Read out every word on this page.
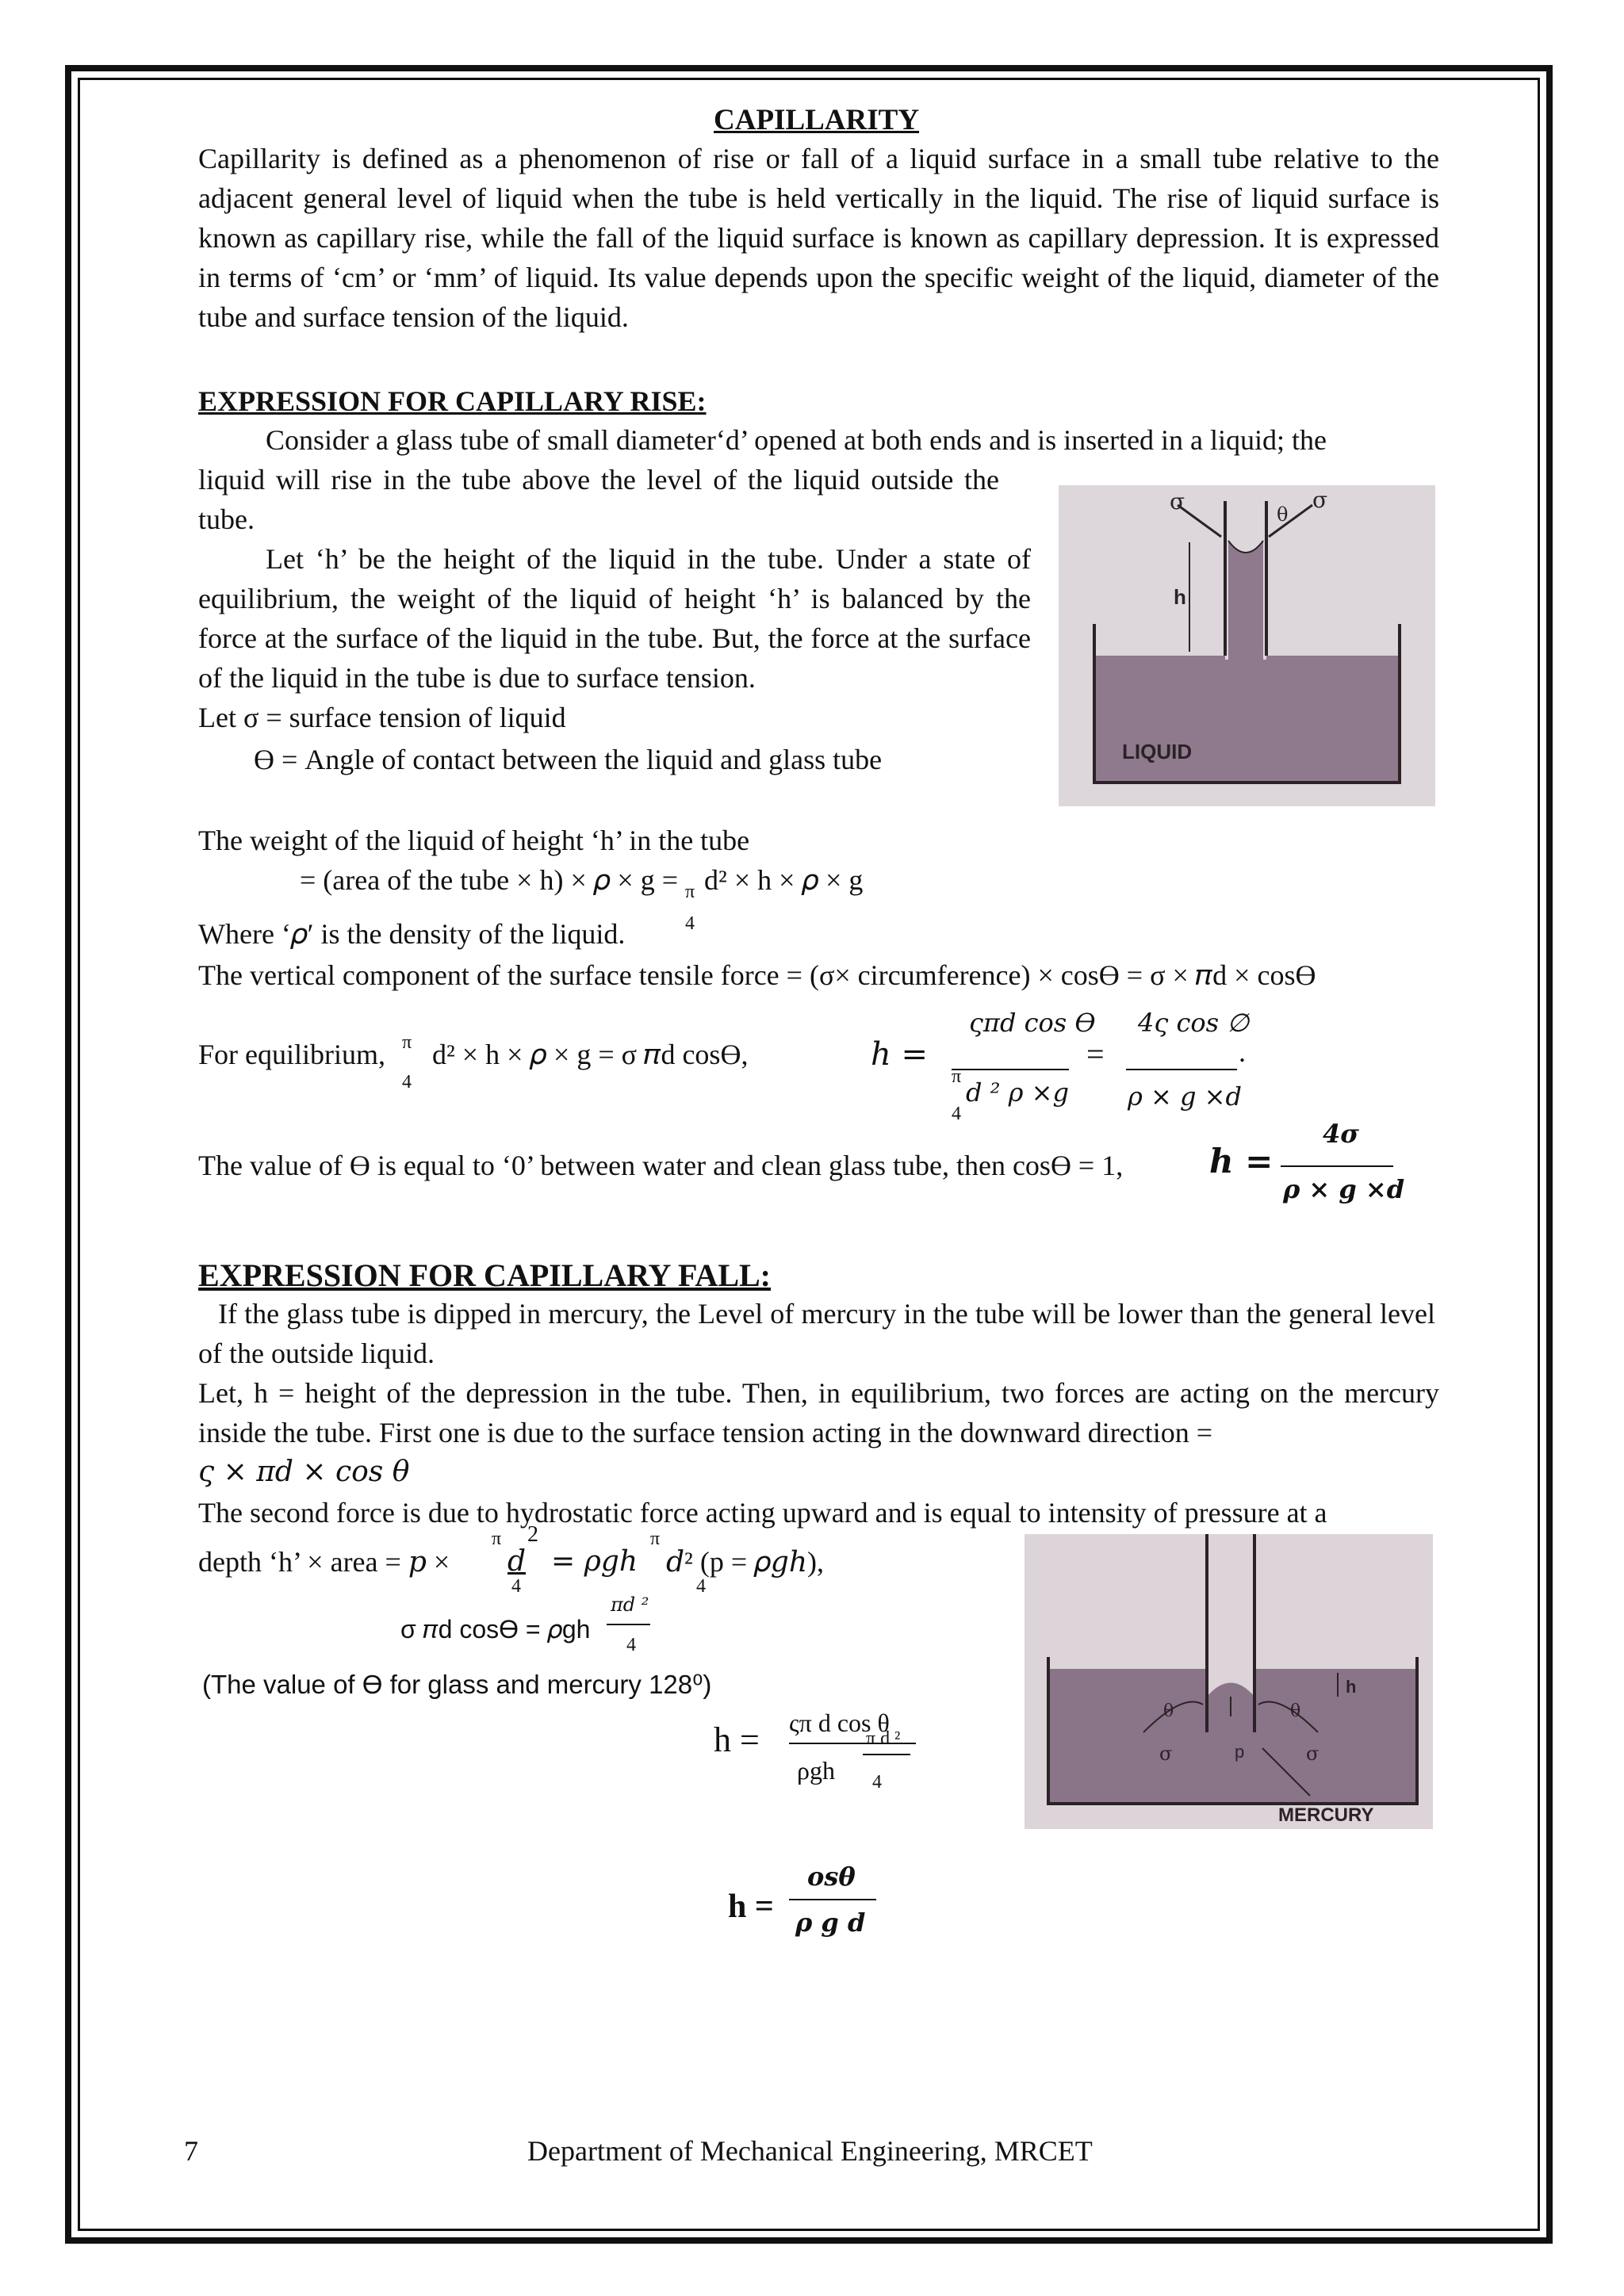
CAPILLARITY
Capillarity is defined as a phenomenon of rise or fall of a liquid surface in a small tube relative to the adjacent general level of liquid when the tube is held vertically in the liquid. The rise of liquid surface is known as capillary rise, while the fall of the liquid surface is known as capillary depression. It is expressed in terms of ‘cm’ or ‘mm’ of liquid. Its value depends upon the specific weight of the liquid, diameter of the tube and surface tension of the liquid.
EXPRESSION FOR CAPILLARY RISE:
Consider a glass tube of small diameter‘d’ opened at both ends and is inserted in a liquid; the
liquid will rise in the tube above the level of the liquid outside the tube.
Let ‘h’ be the height of the liquid in the tube. Under a state of equilibrium, the weight of the liquid of height ‘h’ is balanced by the force at the surface of the liquid in the tube. But, the force at the surface of the liquid in the tube is due to surface tension.
Let σ = surface tension of liquid
ϴ = Angle of contact between the liquid and glass tube
h
σ	σ
θ
LIQUID
The weight of the liquid of height ‘h’ in the tube
= (area of the tube × h) × 𝜌 × g = π
4
d² × h × 𝜌 × g
Where ‘𝜌′ is the density of the liquid.
The vertical component of the surface tensile force = (σ× circumference) × cosϴ = σ × 𝜋d × cosϴ
For equilibrium, π
4
d² × h × 𝜌 × g = σ 𝜋d cosϴ,	ℎ =
ςπd cos ϴ
π
d ² ρ ×g
4
=
4ς cos ∅
ρ × g ×d
.
The value of ϴ is equal to ‘0’ between water and clean glass tube, then cosϴ = 1,	𝒉 =
4σ
ρ × g ×d
EXPRESSION FOR CAPILLARY FALL:
If the glass tube is dipped in mercury, the Level of mercury in the tube will be lower than the general level of the outside liquid.
Let, h = height of the depression in the tube. Then, in equilibrium, two forces are acting on the mercury inside the tube. First one is due to the surface tension acting in the downward direction =
ς × 𝜋𝑑 × cos 𝜃
The second force is due to hydrostatic force acting upward and is equal to intensity of pressure at a
depth ‘h’ × area = 𝑝 ×
π
𝑑
2
4
= 𝜌𝑔ℎ
π
𝑑² (p = 𝜌𝑔ℎ),
4
σ 𝜋d cosϴ = 𝜌gh
πd ²
4
(The value of ϴ for glass and mercury 128⁰)
h = ςπ d cos θ
ρgh
π d ²
4
h
θ	θ
σ	σ
p
MERCURY
h =
osθ
ρ g d
7	Department of Mechanical Engineering, MRCET
